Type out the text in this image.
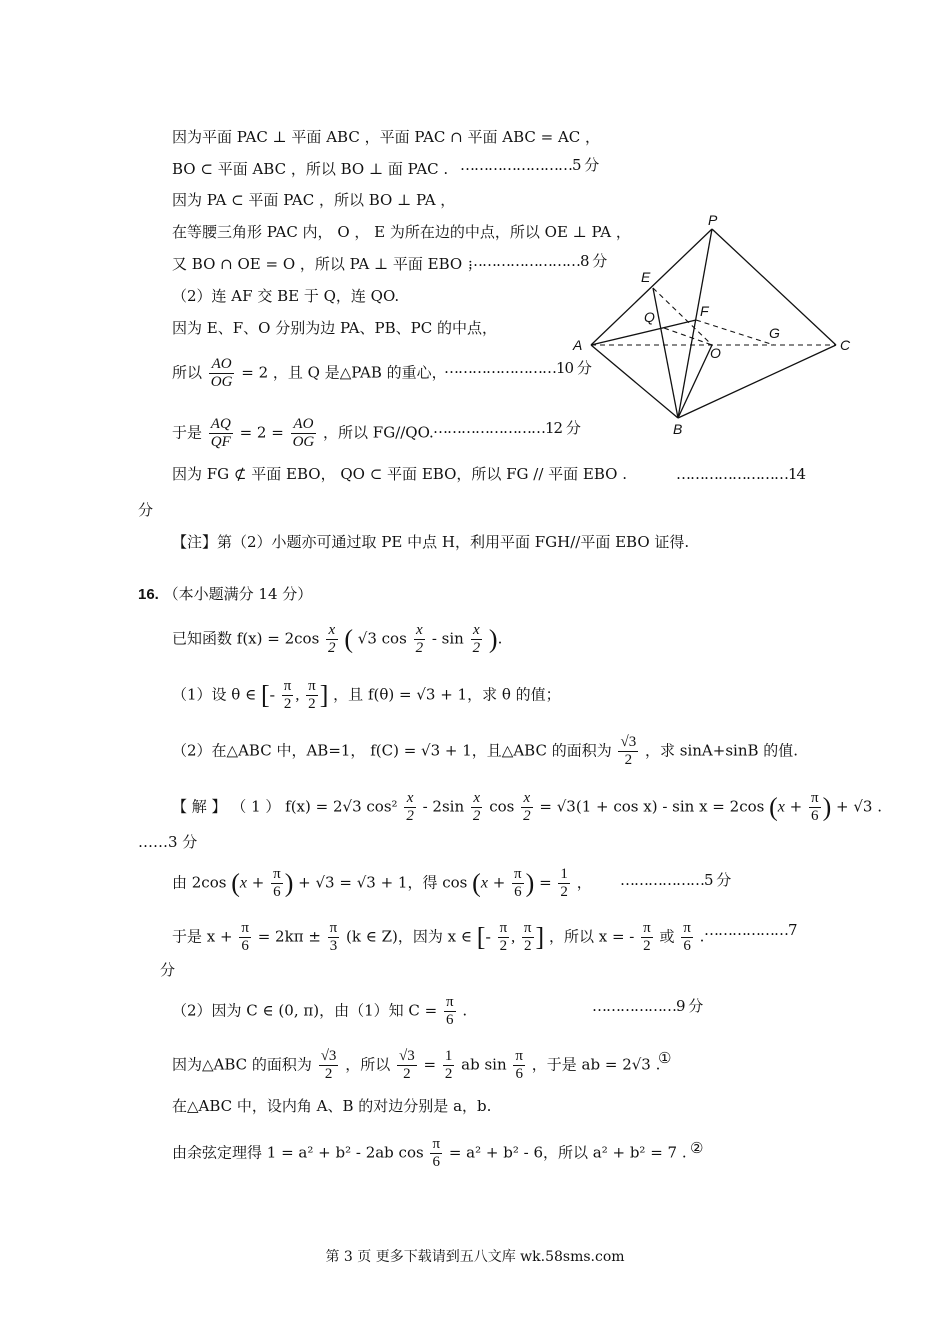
因为平面 PAC ⊥ 平面 ABC ，平面 PAC ∩ 平面 ABC = AC ，
BO ⊂ 平面 ABC ，所以 BO ⊥ 面 PAC . ……………………5 分
因为 PA ⊂ 平面 PAC ，所以 BO ⊥ PA ，
在等腰三角形 PAC 内， O ， E 为所在边的中点，所以 OE ⊥ PA ，
又 BO ∩ OE = O ，所以 PA ⊥ 平面 EBO ；
……………………8 分
（2）连 AF 交 BE 于 Q，连 QO.
因为 E、F、O 分别为边 PA、PB、PC 的中点，
所以 $\frac{AO}{OG} = 2$ ，且 Q 是△PAB 的重心，
……………………10 分
于是 $\frac{AQ}{QF} = 2 = \frac{AO}{OG}$ ，所以 FG//QO. ……………………12 分
因为 FG ⊄ 平面 EBO， QO ⊂ 平面 EBO，所以 FG // 平面 EBO .	……………………14
分
【注】第（2）小题亦可通过取 PE 中点 H，利用平面 FGH//平面 EBO 证得.
P
E
F
Q
G
A	O	C
B
16. （本小题满分 14 分）
已知函数 $f(x) = 2\cos \frac{x}{2}$ ( √3 $\cos \frac{x}{2}$ - $\sin \frac{x}{2}$ ).
（1）设 θ ∈ [- $\frac{\pi}{2}$ , $\frac{\pi}{2}$ ] ，且 f(θ) = √3 + 1，求 θ 的值；
（2）在△ABC 中，AB=1， f(C) = √3 + 1，且△ABC 的面积为 $\frac{√3}{2}$ ，求 sinA+sinB 的值.
【 解 】 （ 1 ） f(x) = 2√3 $\cos^2 \frac{x}{2} - 2\sin \frac{x}{2}$ $\cos \frac{x}{2} = √3(1 + \cos x) - \sin x = 2\cos$ ($x + \frac{\pi}{6}$ ) + √3 .
……3 分
由 2cos ($x + \frac{\pi}{6}$ ) + √3 = √3 + 1，得 $\cos (x + \frac{\pi}{6}$ ) = $\frac{1}{2}$ ， ………………5 分
于是 $x + \frac{\pi}{6} = 2k\pi \pm \frac{\pi}{3} (k$ ∈ Z)，因为 x ∈ [- $\frac{\pi}{2}$ , $\frac{\pi}{2}$ ] ，所以 x = - $\frac{\pi}{2}$ 或 $\frac{\pi}{6}$ . ………………7
分
（2）因为 C ∈ (0, π)，由（1）知 $C = \frac{\pi}{6}$ .	………………9 分
因为△ABC 的面积为 $\frac{√3}{2}$ ，所以 $\frac{√3}{2} = \frac{1}{2}$ ab $\sin \frac{\pi}{6}$ ，于是 ab = 2√3 .
①
在△ABC 中，设内角 A、B 的对边分别是 a，b.
由余弦定理得 1 = a² + b² - 2ab $\cos \frac{\pi}{6} = a^2 + b^2 - 6$，所以 a² + b² = 7 . ②
第 3 页 更多下载请到五八文库 wk.58sms.com
